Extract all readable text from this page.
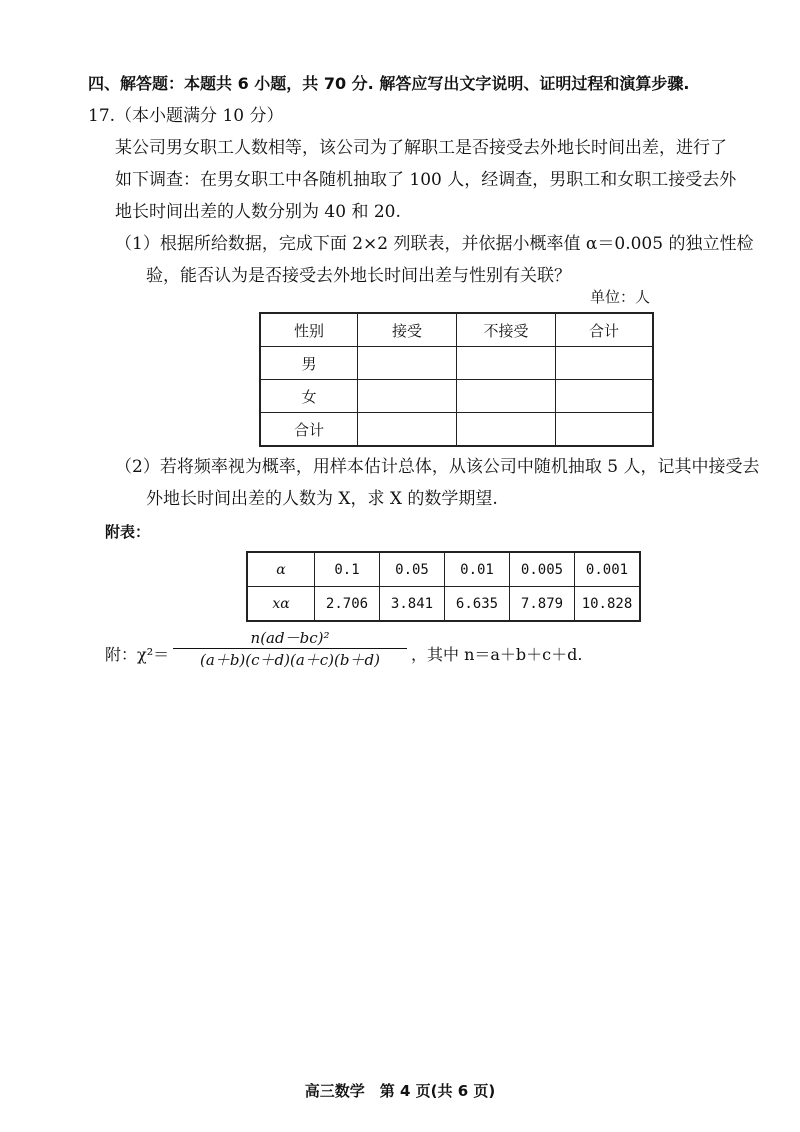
四、解答题：本题共 6 小题，共 70 分. 解答应写出文字说明、证明过程和演算步骤.
17.（本小题满分 10 分）
某公司男女职工人数相等，该公司为了解职工是否接受去外地长时间出差，进行了
如下调查：在男女职工中各随机抽取了 100 人，经调查，男职工和女职工接受去外
地长时间出差的人数分别为 40 和 20.
（1）根据所给数据，完成下面 2×2 列联表，并依据小概率值 α＝0.005 的独立性检
验，能否认为是否接受去外地长时间出差与性别有关联？
单位：人
性别	接受	不接受	合计
男			
女			
合计			
（2）若将频率视为概率，用样本估计总体，从该公司中随机抽取 5 人，记其中接受去
外地长时间出差的人数为 X，求 X 的数学期望.
附表：
α	0.1	0.05	0.01	0.005	0.001
xα	2.706	3.841	6.635	7.879	10.828
附：$\chi^2= \frac{\text{n(ad－bc)²}}{(a+b)(c+d)(a+c)(b+d)}$ ，其中 n＝a＋b＋c＋d.
高三数学　第 4 页(共 6 页)
